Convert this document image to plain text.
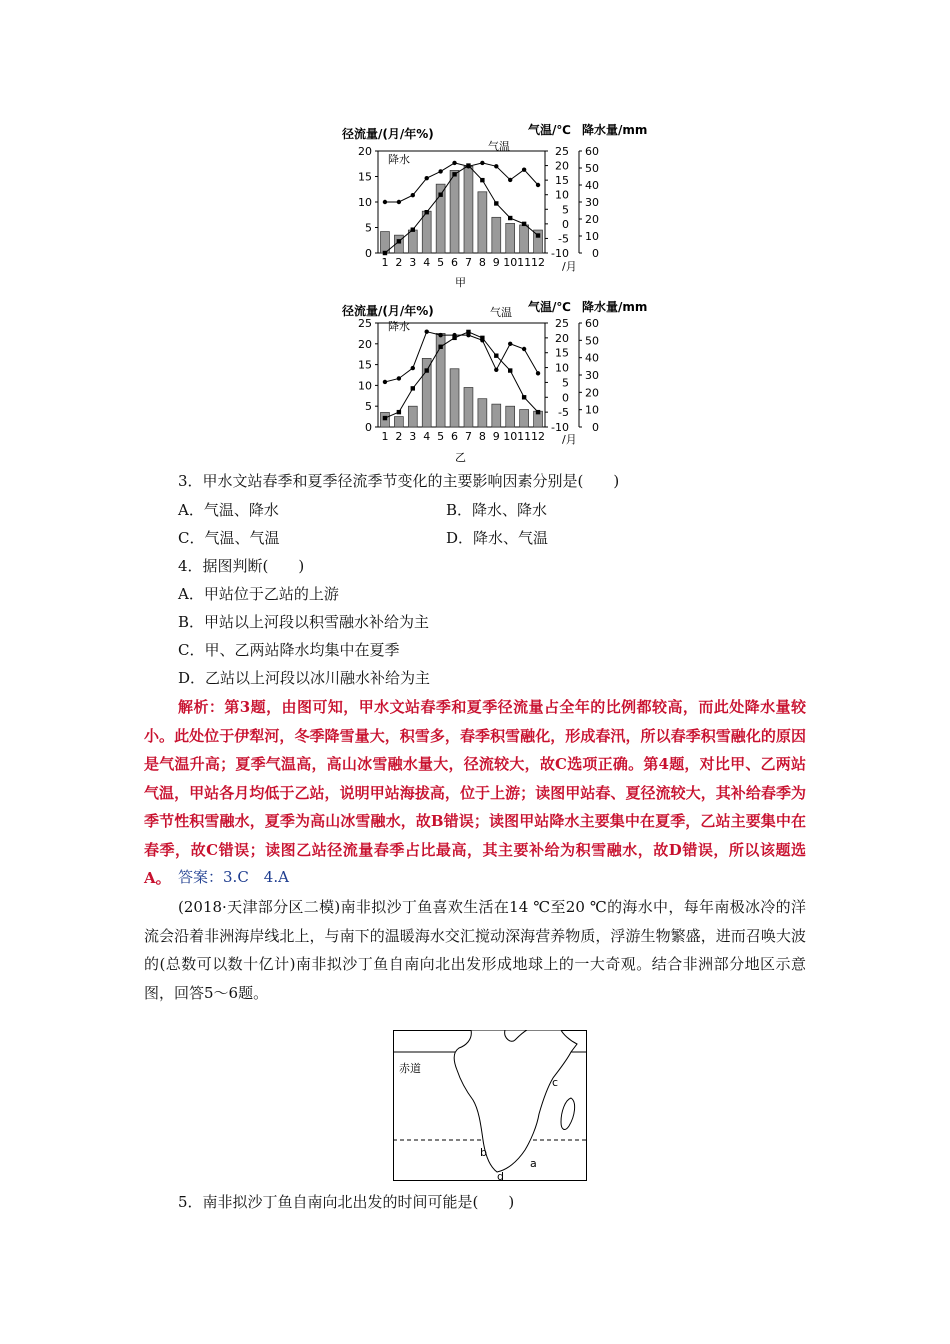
径流量/(月/年%)	气温/℃ 降水量/mm
降水
气温
/月
甲
0
5
10
15
20
-10
-5
0
5
10
15
20
25
0
10
20
30
40
50
60
1 2 3 4 5 6 7 8 9 10 11 12
径流量/(月/年%)	气温/℃ 降水量/mm
降水
气温
/月
乙
0
5
10
15
20
25
-10
-5
0
5
10
15
20
25
0
10
20
30
40
50
60
1 2 3 4 5 6 7 8 9 10 11 12
3．甲水文站春季和夏季径流季节变化的主要影响因素分别是(　　)
A．气温、降水	B．降水、降水
C．气温、气温	D．降水、气温
4．据图判断(　　)
A．甲站位于乙站的上游
B．甲站以上河段以积雪融水补给为主
C．甲、乙两站降水均集中在夏季
D．乙站以上河段以冰川融水补给为主
解析：第3题，由图可知，甲水文站春季和夏季径流量占全年的比例都较高，而此处降水量较小。此处位于伊犁河，冬季降雪量大，积雪多，春季积雪融化，形成春汛，所以春季积雪融化的原因是气温升高；夏季气温高，高山冰雪融水量大，径流较大，故C选项正确。第4题，对比甲、乙两站气温，甲站各月均低于乙站，说明甲站海拔高，位于上游；读图甲站春、夏径流较大，其补给春季为季节性积雪融水，夏季为高山冰雪融水，故B错误；读图甲站降水主要集中在夏季，乙站主要集中在春季，故C错误；读图乙站径流量春季占比最高，其主要补给为积雪融水，故D错误，所以该题选A。 答案：3.C　4.A
(2018·天津部分区二模)南非拟沙丁鱼喜欢生活在14 ℃至20 ℃的海水中，每年南极冰冷的洋流会沿着非洲海岸线北上，与南下的温暖海水交汇搅动深海营养物质，浮游生物繁盛，进而召唤大波的(总数可以数十亿计)南非拟沙丁鱼自南向北出发形成地球上的一大奇观。结合非洲部分地区示意图，回答5～6题。
赤道
c
b
a
d
5．南非拟沙丁鱼自南向北出发的时间可能是(　　)
